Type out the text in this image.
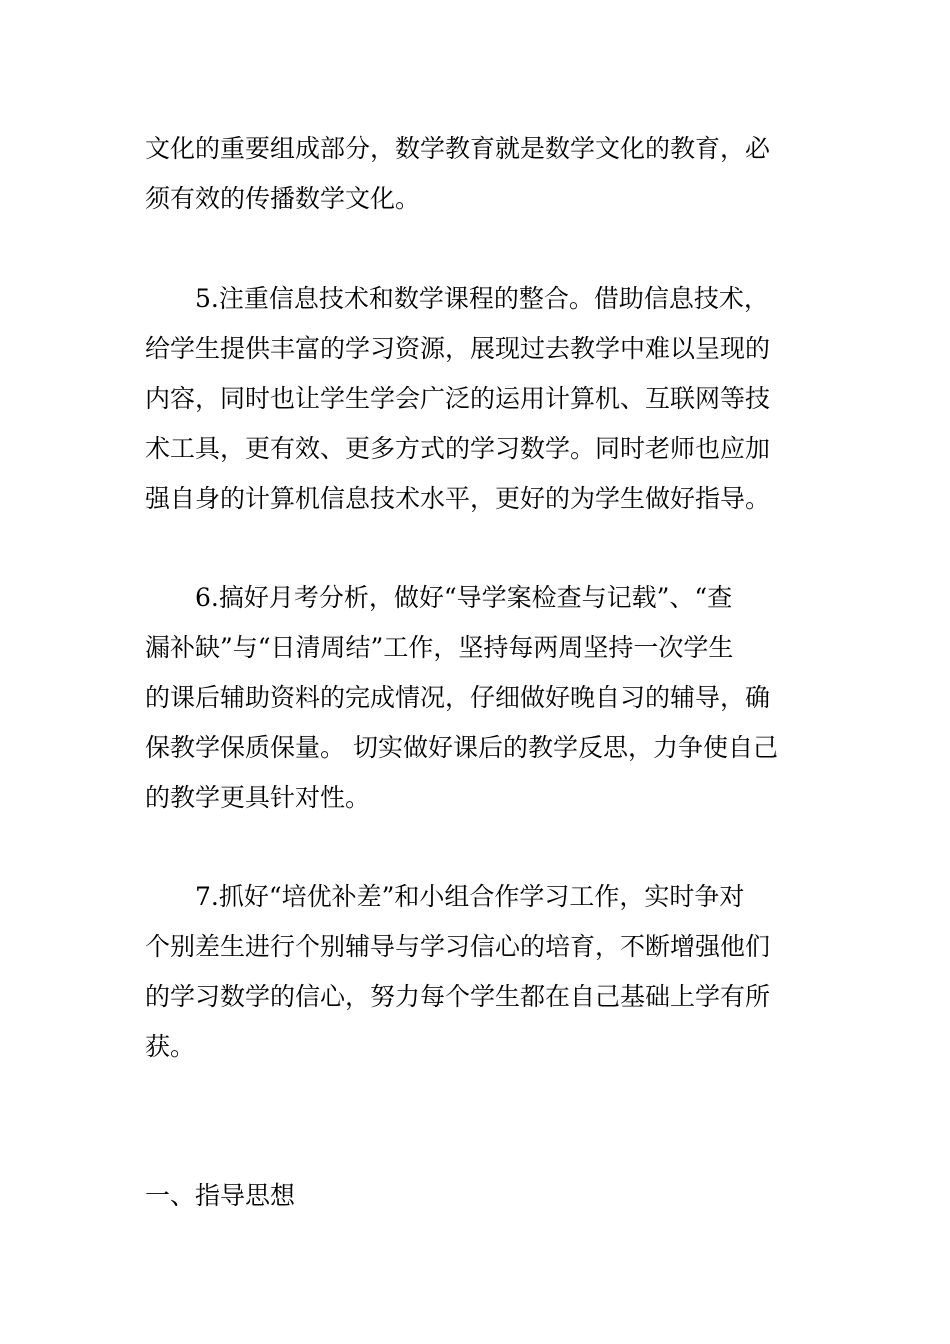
文化的重要组成部分，数学教育就是数学文化的教育，必
须有效的传播数学文化。
5.注重信息技术和数学课程的整合。借助信息技术，
给学生提供丰富的学习资源，展现过去教学中难以呈现的
内容，同时也让学生学会广泛的运用计算机、互联网等技
术工具，更有效、更多方式的学习数学。同时老师也应加
强自身的计算机信息技术水平，更好的为学生做好指导。
6.搞好月考分析，做好“导学案检查与记载”、“查
漏补缺”与“日清周结”工作，坚持每两周坚持一次学生
的课后辅助资料的完成情况，仔细做好晚自习的辅导，确
保教学保质保量。 切实做好课后的教学反思，力争使自己
的教学更具针对性。
7.抓好“培优补差”和小组合作学习工作，实时争对
个别差生进行个别辅导与学习信心的培育，不断增强他们
的学习数学的信心，努力每个学生都在自己基础上学有所
获。
一、指导思想
